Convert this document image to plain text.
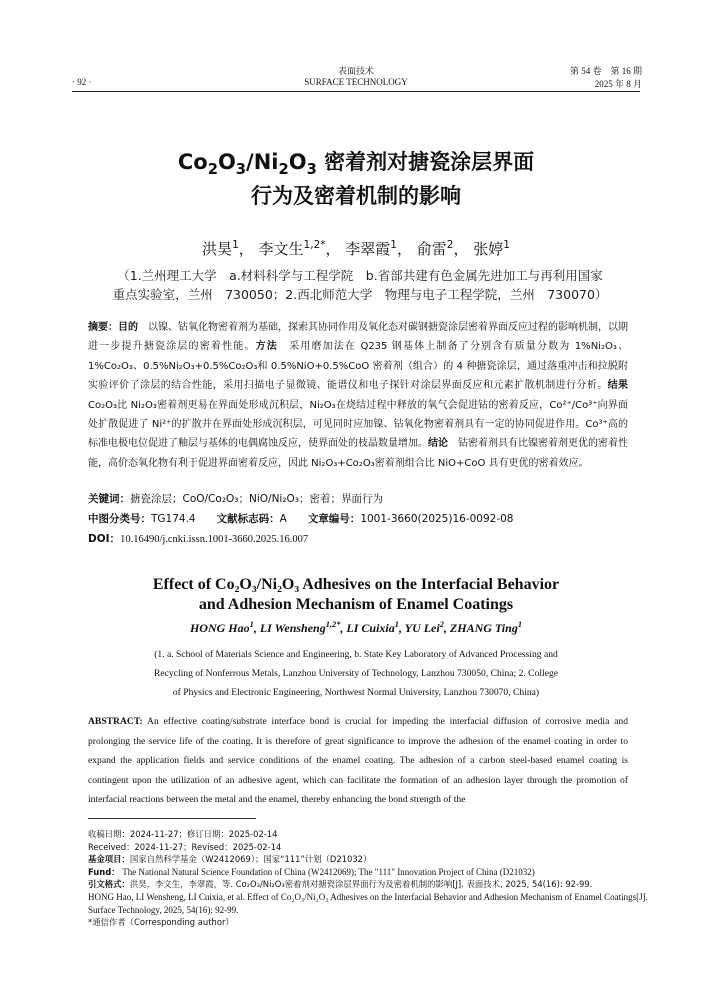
表面技术
SURFACE TECHNOLOGY
· 92 ·
第 54 卷　第 16 期
2025 年 8 月
$Co_2O_3/Ni_2O_3$ 密着剂对搪瓷涂层界面
行为及密着机制的影响
洪昊$^1$， 李文生$^{1,2*}$， 李翠霞$^1$， 俞雷$^2$， 张婷$^1$
（1.兰州理工大学　a.材料科学与工程学院　b.省部共建有色金属先进加工与再利用国家
重点实验室，兰州　730050；2.西北师范大学　物理与电子工程学院，兰州　730070）
摘要：目的　 以镍、钴氧化物密着剂为基础，探索其协同作用及氧化态对碳钢搪瓷涂层密着界面反应过程的影响机制，以期进一步提升搪瓷涂层的密着性能。方法　 采用磨加法在 Q235 钢基体上制备了分别含有质量分数为 1%Ni₂O₃、1%Co₂O₃、0.5%Ni₂O₃+0.5%Co₂O₃和 0.5%NiO+0.5%CoO 密着剂（组合）的 4 种搪瓷涂层，通过落重冲击和拉脱附实验评价了涂层的结合性能，采用扫描电子显微镜、能谱仪和电子探针对涂层界面反应和元素扩散机制进行分析。结果　Co₂O₃比 Ni₂O₃密着剂更易在界面处形成沉积层，Ni₂O₃在烧结过程中释放的氧气会促进钴的密着反应，Co²⁺/Co³⁺向界面处扩散促进了 Ni²⁺的扩散并在界面处形成沉积层，可见同时应加镍、钴氧化物密着剂具有一定的协同促进作用。Co³⁺高的标准电极电位促进了釉层与基体的电偶腐蚀反应，使界面处的枝晶数量增加。结论　 钴密着剂具有比镍密着剂更优的密着性能，高价态氧化物有利于促进界面密着反应，因此 Ni₂O₃+Co₂O₃密着剂组合比 NiO+CoO 具有更优的密着效应。
关键词：搪瓷涂层；CoO/Co₂O₃；NiO/Ni₂O₃；密着；界面行为
中图分类号：TG174.4　　 文献标志码：A　　 文章编号：1001-3660(2025)16-0092-08
DOI：10.16490/j.cnki.issn.1001-3660.2025.16.007
Effect of Co₂O₃/Ni₂O₃ Adhesives on the Interfacial Behavior
and Adhesion Mechanism of Enamel Coatings
HONG Hao$^1$, LI Wensheng$^{1,2*}$, LI Cuixia$^1$, YU Lei$^2$, ZHANG Ting$^1$
(1. a. School of Materials Science and Engineering, b. State Key Laboratory of Advanced Processing and
Recycling of Nonferrous Metals, Lanzhou University of Technology, Lanzhou 730050, China; 2. College
of Physics and Electronic Engineering, Northwest Normal University, Lanzhou 730070, China)
ABSTRACT: An effective coating/substrate interface bond is crucial for impeding the interfacial diffusion of corrosive media and prolonging the service life of the coating. It is therefore of great significance to improve the adhesion of the enamel coating in order to expand the application fields and service conditions of the enamel coating. The adhesion of a carbon steel-based enamel coating is contingent upon the utilization of an adhesive agent, which can facilitate the formation of an adhesion layer through the promotion of interfacial reactions between the metal and the enamel, thereby enhancing the bond strength of the
收稿日期：2024-11-27；修订日期：2025-02-14
Received：2024-11-27；Revised：2025-02-14
基金项目：国家自然科学基金（W2412069）；国家“111”计划（D21032）
Fund： The National Natural Science Foundation of China (W2412069); The "111" Innovation Project of China (D21032)
引文格式：洪昊，李文生，李翠霞，等. Co₂O₃/Ni₂O₃密着剂对搪瓷涂层界面行为及密着机制的影响[J]. 表面技术, 2025, 54(16): 92-99.
HONG Hao, LI Wensheng, LI Cuixia, et al. Effect of Co₂O₃/Ni₂O₃ Adhesives on the Interfacial Behavior and Adhesion Mechanism of Enamel Coatings[J]. Surface Technology, 2025, 54(16): 92-99.
*通信作者（Corresponding author）
